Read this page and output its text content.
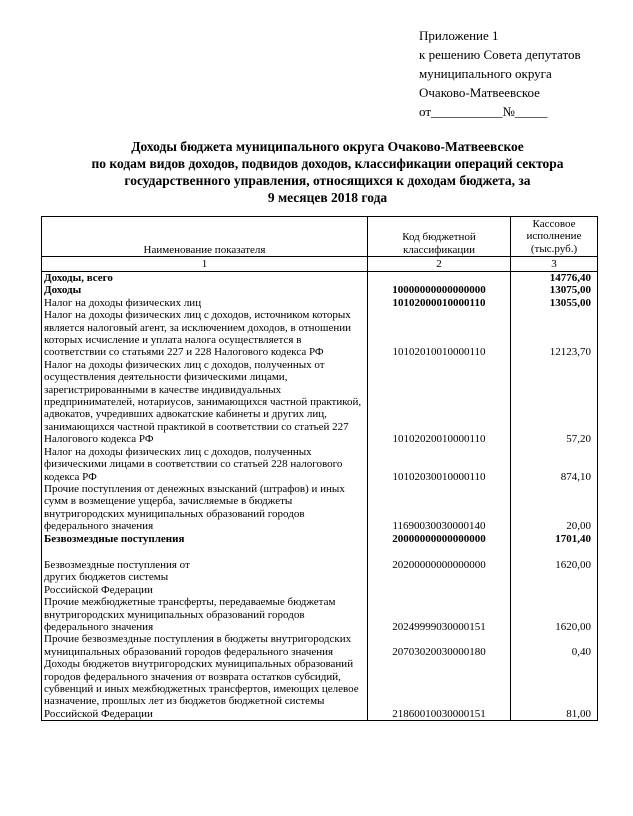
Приложение 1
к решению Совета депутатов
муниципального округа
Очаково-Матвеевское
от___________№_____
Доходы бюджета муниципального округа Очаково-Матвеевское
по кодам видов доходов, подвидов доходов, классификации операций сектора
государственного управления, относящихся к доходам бюджета, за
9 месяцев 2018 года
Наименование показателя	Код бюджетной классификации	Кассовое исполнение (тыс.руб.)
1	2	3
Доходы, всего		14776,40
Доходы	10000000000000000	13075,00
Налог на доходы физических лиц	10102000010000110	13055,00
Налог на доходы физических лиц с доходов, источником которых является налоговый агент, за исключением доходов, в отношении которых исчисление и уплата налога осуществляется в соответствии со статьями 227 и 228 Налогового кодекса РФ	10102010010000110	12123,70
Налог на доходы физических лиц с доходов, полученных от осуществления деятельности физическими лицами, зарегистрированными в качестве индивидуальных предпринимателей, нотариусов, занимающихся частной практикой, адвокатов, учредивших адвокатские кабинеты и других лиц, занимающихся частной практикой в соответствии со статьей 227 Налогового кодекса РФ	10102020010000110	57,20
Налог на доходы физических лиц с доходов, полученных физическими лицами в соответствии со статьей 228 налогового кодекса РФ	10102030010000110	874,10
Прочие поступления от денежных взысканий (штрафов) и иных сумм в возмещение ущерба, зачисляемые в бюджеты внутригородских муниципальных образований городов федерального значения	11690030030000140	20,00
Безвозмездные поступления	20000000000000000	1701,40

Безвозмездные поступления от других бюджетов системы Российской Федерации	20200000000000000	1620,00
Прочие межбюджетные трансферты, передаваемые бюджетам внутригородских муниципальных образований городов федерального значения	20249999030000151	1620,00
Прочие безвозмездные поступления в бюджеты внутригородских муниципальных образований городов федерального значения	20703020030000180	0,40
Доходы бюджетов внутригородских муниципальных образований городов федерального значения от возврата остатков субсидий, субвенций и иных межбюджетных трансфертов, имеющих целевое назначение, прошлых лет из бюджетов бюджетной системы Российской Федерации	21860010030000151	81,00
